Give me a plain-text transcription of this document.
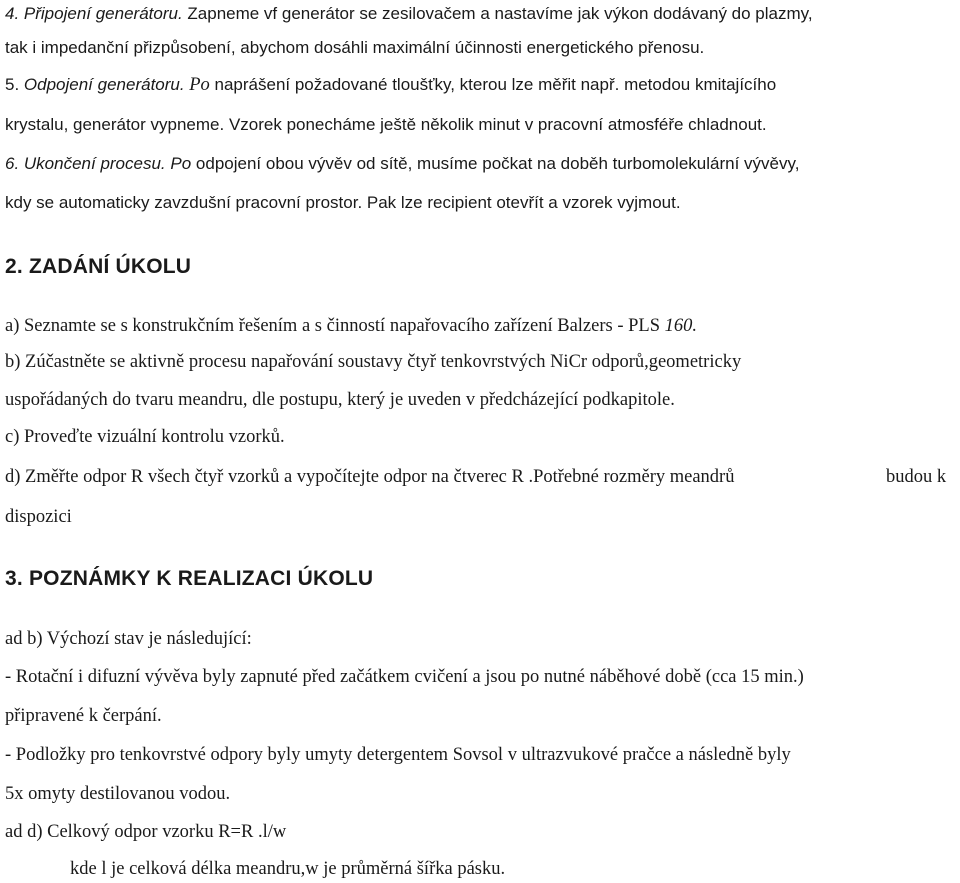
4. Připojení generátoru. Zapneme vf generátor se zesilovačem a nastavíme jak výkon dodávaný do plazmy,
tak i impedanční přizpůsobení, abychom dosáhli maximální účinnosti energetického přenosu.
5. Odpojení generátoru. Po naprášení požadované tloušťky, kterou lze měřit např. metodou kmitajícího
krystalu, generátor vypneme. Vzorek ponecháme ještě několik minut v pracovní atmosféře chladnout.
6. Ukončení procesu. Po odpojení obou vývěv od sítě, musíme počkat na doběh turbomolekulární vývěvy,
kdy se automaticky zavzdušní pracovní prostor. Pak lze recipient otevřít a vzorek vyjmout.
2. ZADÁNÍ ÚKOLU
a) Seznamte se s konstrukčním řešením a s činností napařovacího zařízení Balzers - PLS 160.
b) Zúčastněte se aktivně procesu napařování soustavy čtyř tenkovrstvých NiCr odporů,geometricky
uspořádaných do tvaru meandru, dle postupu, který je uveden v předcházející podkapitole.
c) Proveďte vizuální kontrolu vzorků.
d) Změřte odpor R všech čtyř vzorků a vypočítejte odpor na čtverec R .Potřebné rozměry meandrů	budou k
dispozici
3. POZNÁMKY K REALIZACI ÚKOLU
ad b) Výchozí stav je následující:
- Rotační i difuzní vývěva byly zapnuté před začátkem cvičení a jsou po nutné náběhové době (cca 15 min.)
připravené k čerpání.
- Podložky pro tenkovrstvé odpory byly umyty detergentem Sovsol v ultrazvukové pračce a následně byly
5x omyty destilovanou vodou.
ad d) Celkový odpor vzorku R=R .l/w
kde l je celková délka meandru,w je průměrná šířka pásku.
